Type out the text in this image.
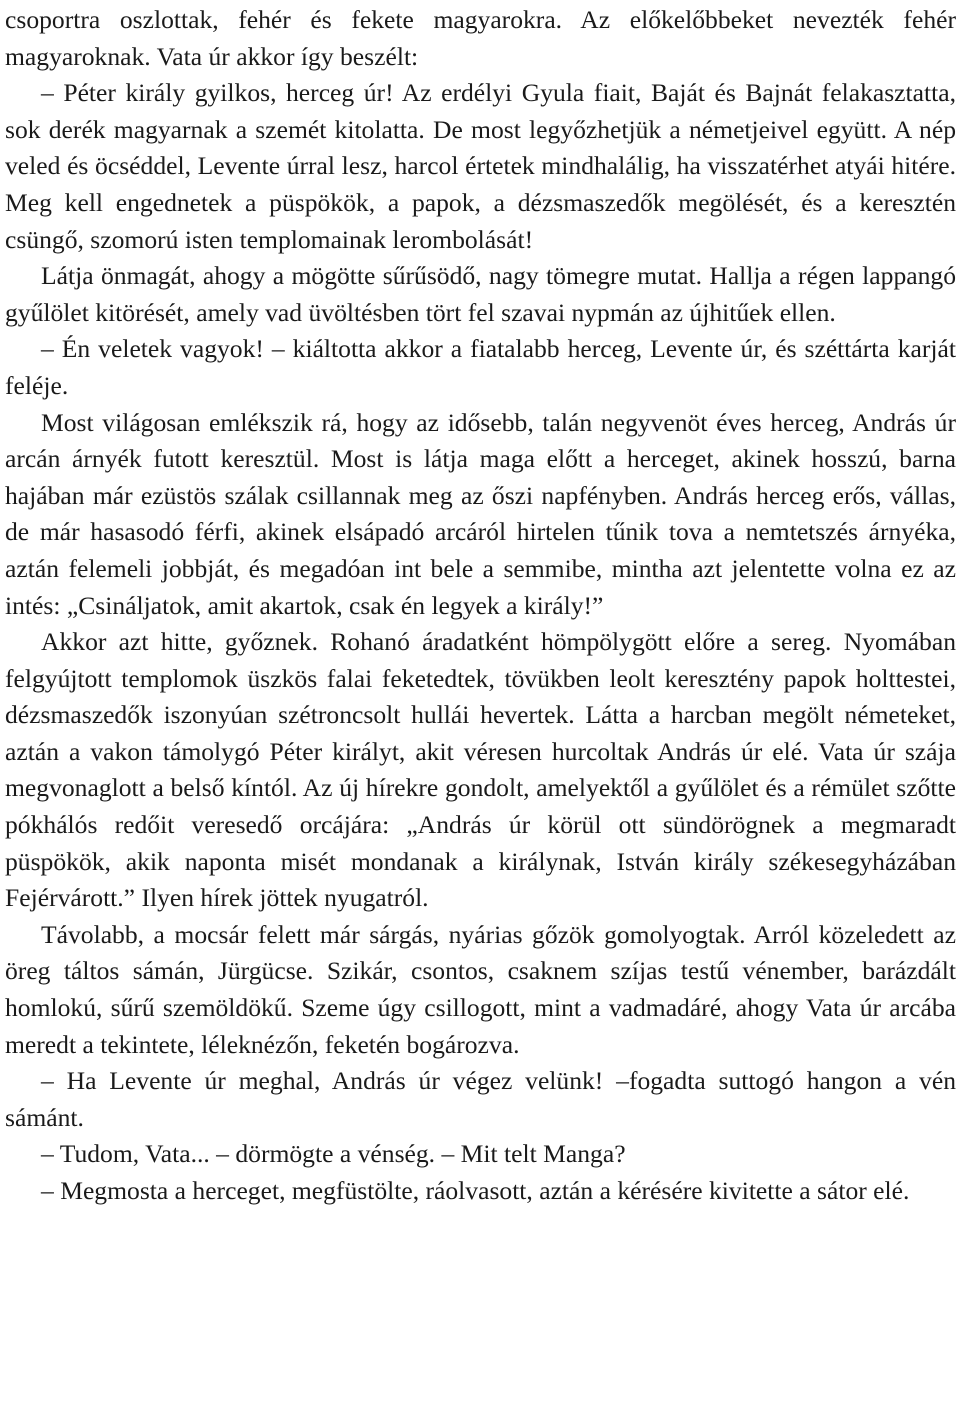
csoportra oszlottak, fehér és fekete magyarokra. Az előkelőbbeket nevezték fehér magyaroknak. Vata úr akkor így beszélt:

– Péter király gyilkos, herceg úr! Az erdélyi Gyula fiait, Baját és Bajnát felakasztatta, sok derék magyarnak a szemét kitolatta. De most legyőzhetjük a németjeivel együtt. A nép veled és öcséddel, Levente úrral lesz, harcol értetek mindhalálig, ha visszatérhet atyái hitére. Meg kell engednetek a püspökök, a papok, a dézsmaszedők megölését, és a keresztén csüngő, szomorú isten templomainak lerombolását!

Látja önmagát, ahogy a mögötte sűrűsödő, nagy tömegre mutat. Hallja a régen lappangó gyűlölet kitörését, amely vad üvöltésben tört fel szavai nypmán az újhitűek ellen.

– Én veletek vagyok! – kiáltotta akkor a fiatalabb herceg, Levente úr, és széttárta karját feléje.

Most világosan emlékszik rá, hogy az idősebb, talán negyvenöt éves herceg, András úr arcán árnyék futott keresztül. Most is látja maga előtt a herceget, akinek hosszú, barna hajában már ezüstös szálak csillannak meg az őszi napfényben. András herceg erős, vállas, de már hasasodó férfi, akinek elsápadó arcáról hirtelen tűnik tova a nemtetszés árnyéka, aztán felemeli jobbját, és megadóan int bele a semmibe, mintha azt jelentette volna ez az intés: „Csináljatok, amit akartok, csak én legyek a király!”

Akkor azt hitte, győznek. Rohanó áradatként hömpölygött előre a sereg. Nyomában felgyújtott templomok üszkös falai feketedtek, tövükben leolt keresztény papok holttestei, dézsmaszedők iszonyúan szétroncsolt hullái hevertek. Látta a harcban megölt németeket, aztán a vakon támolygó Péter királyt, akit véresen hurcoltak András úr elé. Vata úr szája megvonaglott a belső kíntól. Az új hírekre gondolt, amelyektől a gyűlölet és a rémület szőtte pókhálós redőit veresedő orcájára: „András úr körül ott sündörögnek a megmaradt püspökök, akik naponta misét mondanak a királynak, István király székesegyházában Fejérvárott.” Ilyen hírek jöttek nyugatról.

Távolabb, a mocsár felett már sárgás, nyárias gőzök gomolyogtak. Arról közeledett az öreg táltos sámán, Jürgücse. Szikár, csontos, csaknem szíjas testű vénember, barázdált homlokú, sűrű szemöldökű. Szeme úgy csillogott, mint a vadmadáré, ahogy Vata úr arcába meredt a tekintete, léleknézőn, feketén bogározva.

– Ha Levente úr meghal, András úr végez velünk! –fogadta suttogó hangon a vén sámánt.

– Tudom, Vata... – dörmögte a vénség. – Mit telt Manga?

– Megmosta a herceget, megfüstölte, ráolvasott, aztán a kérésére kivitette a sátor elé.
